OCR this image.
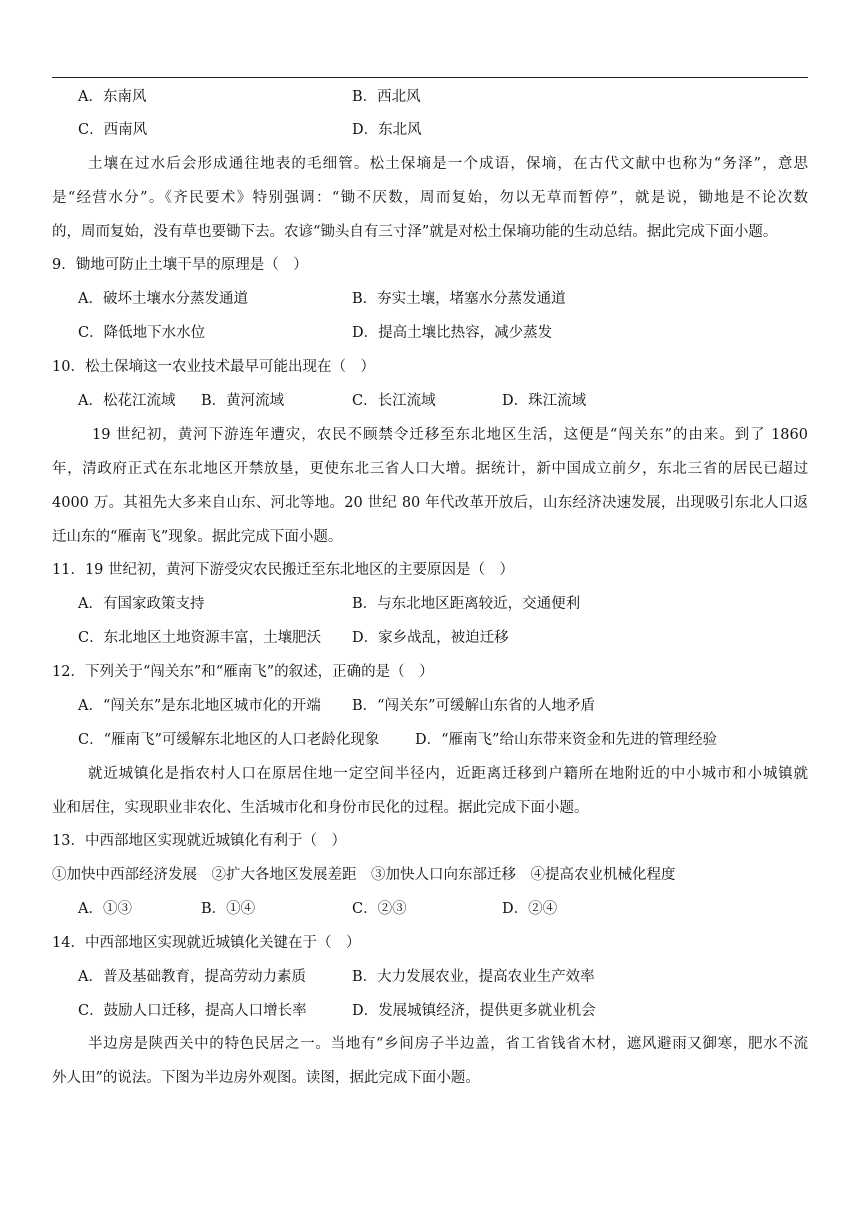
A．东南风	B．西北风
C．西南风	D．东北风
土壤在过水后会形成通往地表的毛细管。松土保墒是一个成语，保墒，在古代文献中也称为“务泽”，意思
是“经营水分”。《齐民要术》特别强调：“锄不厌数，周而复始，勿以无草而暂停”，就是说，锄地是不论次数
的，周而复始，没有草也要锄下去。农谚“锄头自有三寸泽”就是对松土保墒功能的生动总结。据此完成下面小题。
9．锄地可防止土壤干旱的原理是（　）
A．破坏土壤水分蒸发通道	B．夯实土壤，堵塞水分蒸发通道
C．降低地下水水位	D．提高土壤比热容，减少蒸发
10．松土保墒这一农业技术最早可能出现在（　）
A．松花江流域 B．黄河流域	C．长江流域	D．珠江流域
19 世纪初，黄河下游连年遭灾，农民不顾禁令迁移至东北地区生活，这便是“闯关东”的由来。到了 1860
年，清政府正式在东北地区开禁放垦，更使东北三省人口大增。据统计，新中国成立前夕，东北三省的居民已超过
4000 万。其祖先大多来自山东、河北等地。20 世纪 80 年代改革开放后，山东经济决速发展，出现吸引东北人口返
迁山东的“雁南飞”现象。据此完成下面小题。
11．19 世纪初，黄河下游受灾农民搬迁至东北地区的主要原因是（　）
A．有国家政策支持	B．与东北地区距离较近，交通便利
C．东北地区土地资源丰富，土壤肥沃 D．家乡战乱，被迫迁移
12．下列关于“闯关东”和“雁南飞”的叙述，正确的是（　）
A．“闯关东”是东北地区城市化的开端 B．“闯关东”可缓解山东省的人地矛盾
C．“雁南飞”可缓解东北地区的人口老龄化现象 D．“雁南飞”给山东带来资金和先进的管理经验
就近城镇化是指农村人口在原居住地一定空间半径内，近距离迁移到户籍所在地附近的中小城市和小城镇就
业和居住，实现职业非农化、生活城市化和身份市民化的过程。据此完成下面小题。
13．中西部地区实现就近城镇化有利于（　）
①加快中西部经济发展　②扩大各地区发展差距　③加快人口向东部迁移　④提高农业机械化程度
A．①③	B．①④	C．②③	D．②④
14．中西部地区实现就近城镇化关键在于（　）
A．普及基础教育，提高劳动力素质	B．大力发展农业，提高农业生产效率
C．鼓励人口迁移，提高人口增长率	D．发展城镇经济，提供更多就业机会
半边房是陕西关中的特色民居之一。当地有“乡间房子半边盖，省工省钱省木材，遮风避雨又御寒，肥水不流
外人田”的说法。下图为半边房外观图。读图，据此完成下面小题。
